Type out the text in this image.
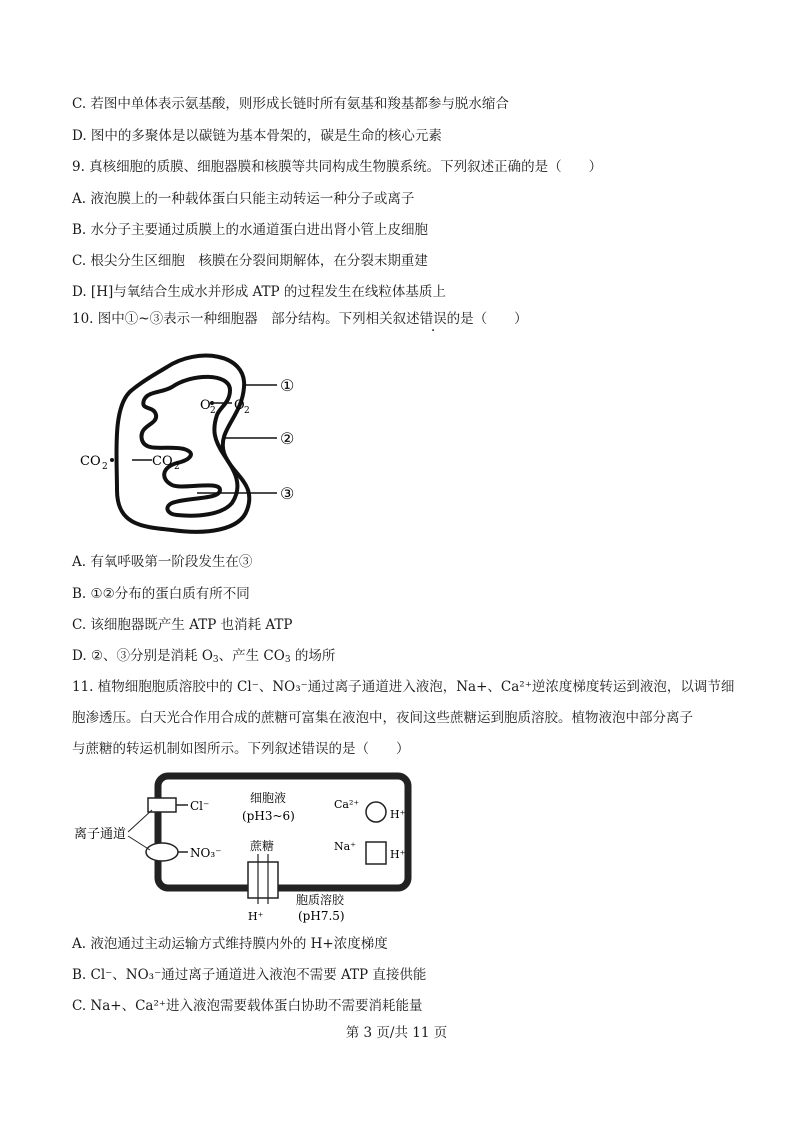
C. 若图中单体表示氨基酸，则形成长链时所有氨基和羧基都参与脱水缩合
D. 图中的多聚体是以碳链为基本骨架的，碳是生命的核心元素
9. 真核细胞的质膜、细胞器膜和核膜等共同构成生物膜系统。下列叙述正确的是（　　）
A. 液泡膜上的一种载体蛋白只能主动转运一种分子或离子
B. 水分子主要通过质膜上的水通道蛋白进出肾小管上皮细胞
C. 根尖分生区细胞　核膜在分裂间期解体，在分裂末期重建
D. [H]与氧结合生成水并形成 ATP 的过程发生在线粒体基质上
10. 图中①~③表示一种细胞器　部分结构。下列相关叙述错误的是（　　）
①
②
③
O 2 O 2
CO 2	CO 2
A. 有氧呼吸第一阶段发生在③
B. ①②分布的蛋白质有所不同
C. 该细胞器既产生 ATP 也消耗 ATP
D. ②、③分别是消耗 $O_3$、产生 $CO_3$ 的场所
11. 植物细胞胞质溶胶中的 Cl⁻、NO₃⁻通过离子通道进入液泡，Na+、Ca²⁺逆浓度梯度转运到液泡，以调节细
胞渗透压。白天光合作用合成的蔗糖可富集在液泡中，夜间这些蔗糖运到胞质溶胶。植物液泡中部分离子
与蔗糖的转运机制如图所示。下列叙述错误的是（　　）
Cl⁻
NO₃⁻
离子通道
细胞液
(pH3~6)
Ca²⁺
H⁺
Na⁺
H⁺
蔗糖
H⁺
胞质溶胶
(pH7.5)
A. 液泡通过主动运输方式维持膜内外的 H+浓度梯度
B. Cl⁻、NO₃⁻通过离子通道进入液泡不需要 ATP 直接供能
C. Na+、Ca²⁺进入液泡需要载体蛋白协助不需要消耗能量
第 3 页/共 11 页
